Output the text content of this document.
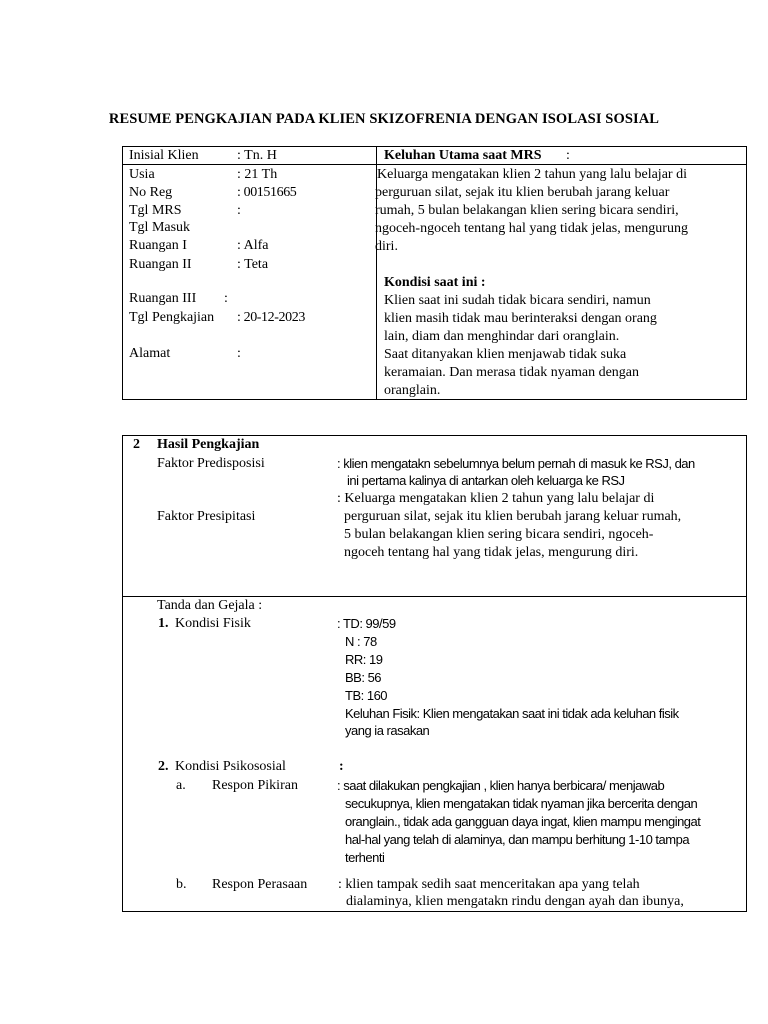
RESUME PENGKAJIAN PADA KLIEN SKIZOFRENIA DENGAN ISOLASI SOSIAL
Inisial Klien	: Tn. H
Usia	: 21 Th
No Reg	: 00151665
Tgl MRS	:
Tgl Masuk
Ruangan I	: Alfa
Ruangan II	: Teta
Ruangan III :
Tgl Pengkajian : 20-12-2023
Alamat	:
Keluhan Utama saat MRS :
Keluarga mengatakan klien 2 tahun yang lalu belajar di
perguruan silat, sejak itu klien berubah jarang keluar
rumah, 5 bulan belakangan klien sering bicara sendiri,
ngoceh-ngoceh tentang hal yang tidak jelas, mengurung
diri.
Kondisi saat ini :
Klien saat ini sudah tidak bicara sendiri, namun
klien masih tidak mau berinteraksi dengan orang
lain, diam dan menghindar dari oranglain.
Saat ditanyakan klien menjawab tidak suka
keramaian. Dan merasa tidak nyaman dengan
oranglain.
2 Hasil Pengkajian
Faktor Predisposisi	: klien mengatakn sebelumnya belum pernah di masuk ke RSJ, dan
ini pertama kalinya di antarkan oleh keluarga ke RSJ
Faktor Presipitasi
: Keluarga mengatakan klien 2 tahun yang lalu belajar di
perguruan silat, sejak itu klien berubah jarang keluar rumah,
5 bulan belakangan klien sering bicara sendiri, ngoceh-
ngoceh tentang hal yang tidak jelas, mengurung diri.
Tanda dan Gejala :
1. Kondisi Fisik	: TD: 99/59
N : 78
RR: 19
BB: 56
TB: 160
Keluhan Fisik: Klien mengatakan saat ini tidak ada keluhan fisik
yang ia rasakan
2. Kondisi Psikososial	:
a. Respon Pikiran	: saat dilakukan pengkajian , klien hanya berbicara/ menjawab
secukupnya, klien mengatakan tidak nyaman jika bercerita dengan
oranglain., tidak ada gangguan daya ingat, klien mampu mengingat
hal-hal yang telah di alaminya, dan mampu berhitung 1-10 tampa
terhenti
b. Respon Perasaan : klien tampak sedih saat menceritakan apa yang telah
dialaminya, klien mengatakn rindu dengan ayah dan ibunya,
